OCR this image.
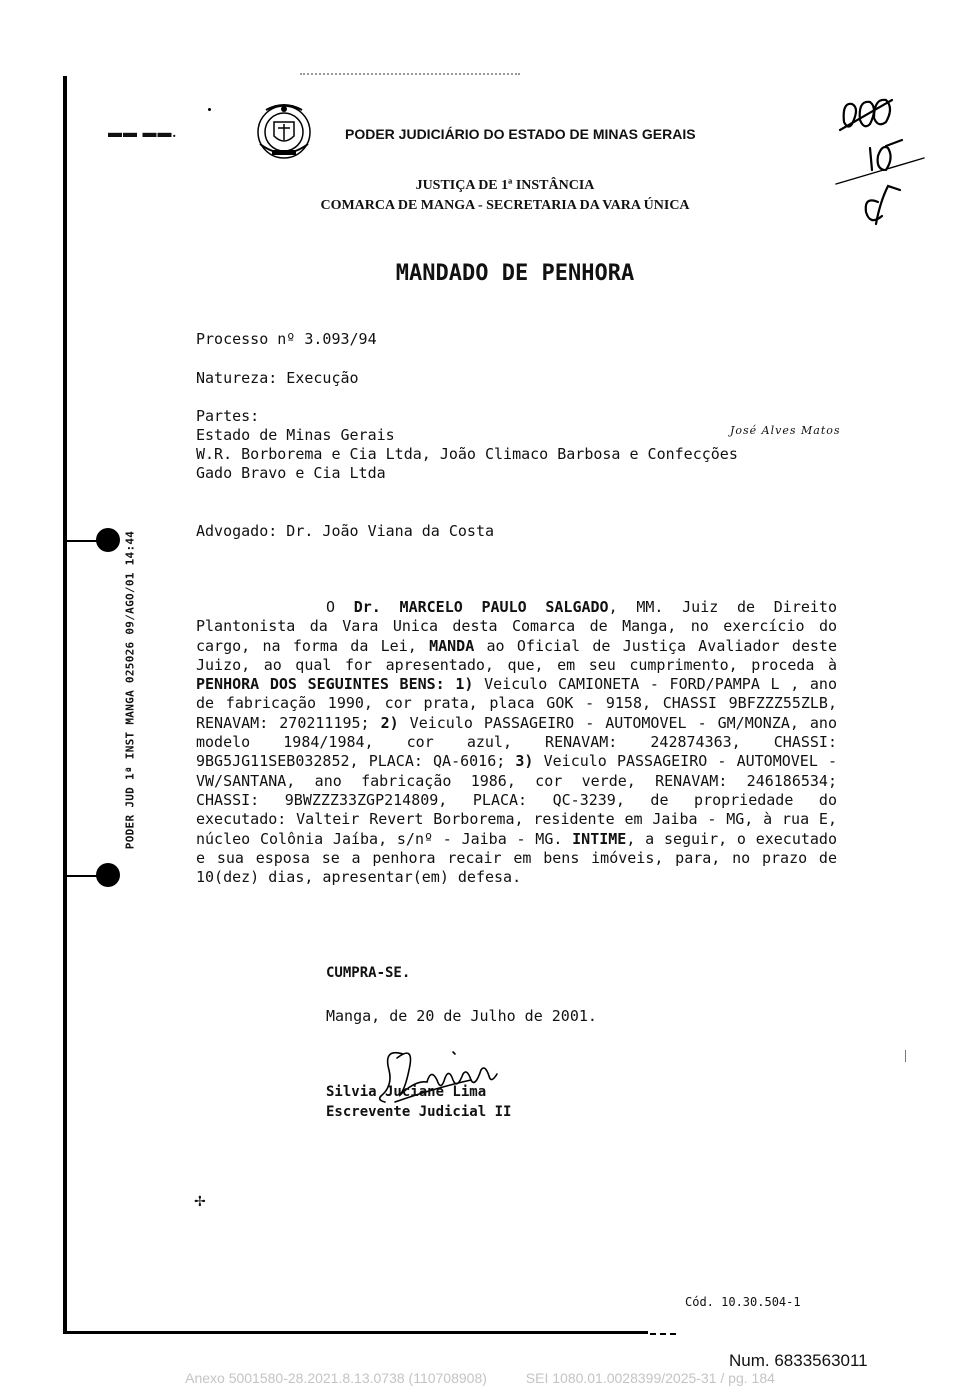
▬▬ ▬▬.	PODER JUDICIÁRIO DO ESTADO DE MINAS GERAIS
JUSTIÇA DE 1ª INSTÂNCIA
COMARCA DE MANGA - SECRETARIA DA VARA ÚNICA
MANDADO DE PENHORA
Processo nº 3.093/94
Natureza: Execução
Partes:
Estado de Minas Gerais
W.R. Borborema e Cia Ltda, João Climaco Barbosa e Confecções
Gado Bravo e Cia Ltda
José Alves Matos
Advogado: Dr. João Viana da Costa
PODER JUD 1ª INST MANGA 025026 09/AGO/01 14:44	O Dr. MARCELO PAULO SALGADO, MM. Juiz de Direito Plantonista da Vara Unica desta Comarca de Manga, no exercício do cargo, na forma da Lei, MANDA ao Oficial de Justiça Avaliador deste Juizo, ao qual for apresentado, que, em seu cumprimento, proceda à PENHORA DOS SEGUINTES BENS: 1) Veiculo CAMIONETA - FORD/PAMPA L , ano de fabricação 1990, cor prata, placa GOK - 9158, CHASSI 9BFZZZ55ZLB, RENAVAM: 270211195; 2) Veiculo PASSAGEIRO - AUTOMOVEL - GM/MONZA, ano modelo 1984/1984, cor azul, RENAVAM: 242874363, CHASSI: 9BG5JG11SEB032852, PLACA: QA-6016; 3) Veiculo PASSAGEIRO - AUTOMOVEL - VW/SANTANA, ano fabricação 1986, cor verde, RENAVAM: 246186534; CHASSI: 9BWZZZ33ZGP214809, PLACA: QC-3239, de propriedade do executado: Valteir Revert Borborema, residente em Jaiba - MG, à rua E, núcleo Colônia Jaíba, s/nº - Jaiba - MG. INTIME, a seguir, o executado e sua esposa se a penhora recair em bens imóveis, para, no prazo de 10(dez) dias, apresentar(em) defesa.
CUMPRA-SE.
Manga, de 20 de Julho de 2001.
Silvia Juciane Lima
Escrevente Judicial II
✢
Cód. 10.30.504-1
Num. 6833563011
Anexo 5001580-28.2021.8.13.0738 (110708908)          SEI 1080.01.0028399/2025-31 / pg. 184
